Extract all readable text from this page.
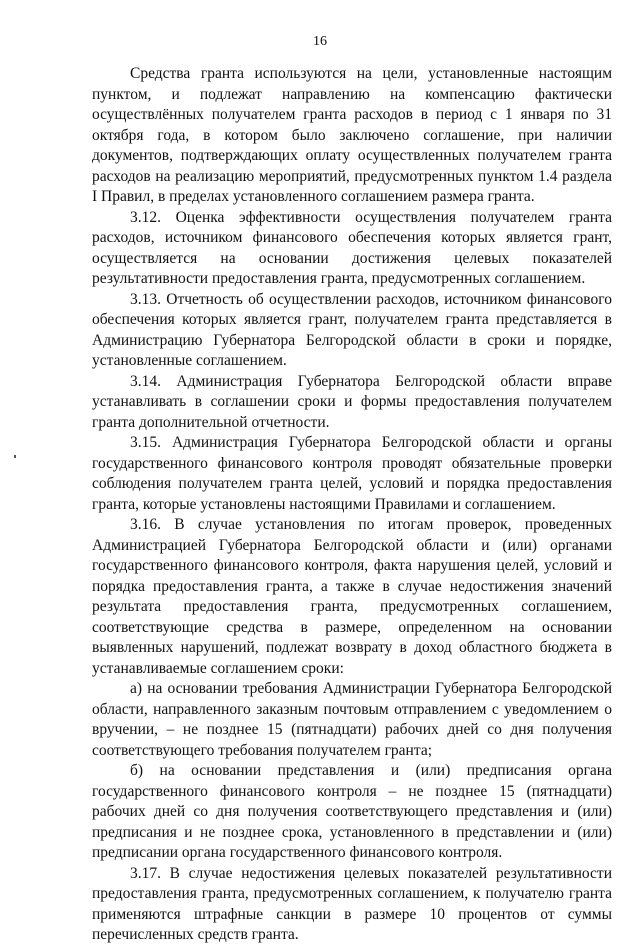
16

Средства гранта используются на цели, установленные настоящим пунктом, и подлежат направлению на компенсацию фактически осуществлённых получателем гранта расходов в период с 1 января по 31 октября года, в котором было заключено соглашение, при наличии документов, подтверждающих оплату осуществленных получателем гранта расходов на реализацию мероприятий, предусмотренных пунктом 1.4 раздела I Правил, в пределах установленного соглашением размера гранта.

3.12. Оценка эффективности осуществления получателем гранта расходов, источником финансового обеспечения которых является грант, осуществляется на основании достижения целевых показателей результативности предоставления гранта, предусмотренных соглашением.

3.13. Отчетность об осуществлении расходов, источником финансового обеспечения которых является грант, получателем гранта представляется в Администрацию Губернатора Белгородской области в сроки и порядке, установленные соглашением.

3.14. Администрация Губернатора Белгородской области вправе устанавливать в соглашении сроки и формы предоставления получателем гранта дополнительной отчетности.

3.15. Администрация Губернатора Белгородской области и органы государственного финансового контроля проводят обязательные проверки соблюдения получателем гранта целей, условий и порядка предоставления гранта, которые установлены настоящими Правилами и соглашением.

3.16. В случае установления по итогам проверок, проведенных Администрацией Губернатора Белгородской области и (или) органами государственного финансового контроля, факта нарушения целей, условий и порядка предоставления гранта, а также в случае недостижения значений результата предоставления гранта, предусмотренных соглашением, соответствующие средства в размере, определенном на основании выявленных нарушений, подлежат возврату в доход областного бюджета в устанавливаемые соглашением сроки:

а) на основании требования Администрации Губернатора Белгородской области, направленного заказным почтовым отправлением с уведомлением о вручении, – не позднее 15 (пятнадцати) рабочих дней со дня получения соответствующего требования получателем гранта;

б) на основании представления и (или) предписания органа государственного финансового контроля – не позднее 15 (пятнадцати) рабочих дней со дня получения соответствующего представления и (или) предписания и не позднее срока, установленного в представлении и (или) предписании органа государственного финансового контроля.

3.17. В случае недостижения целевых показателей результативности предоставления гранта, предусмотренных соглашением, к получателю гранта применяются штрафные санкции в размере 10 процентов от суммы перечисленных средств гранта.
